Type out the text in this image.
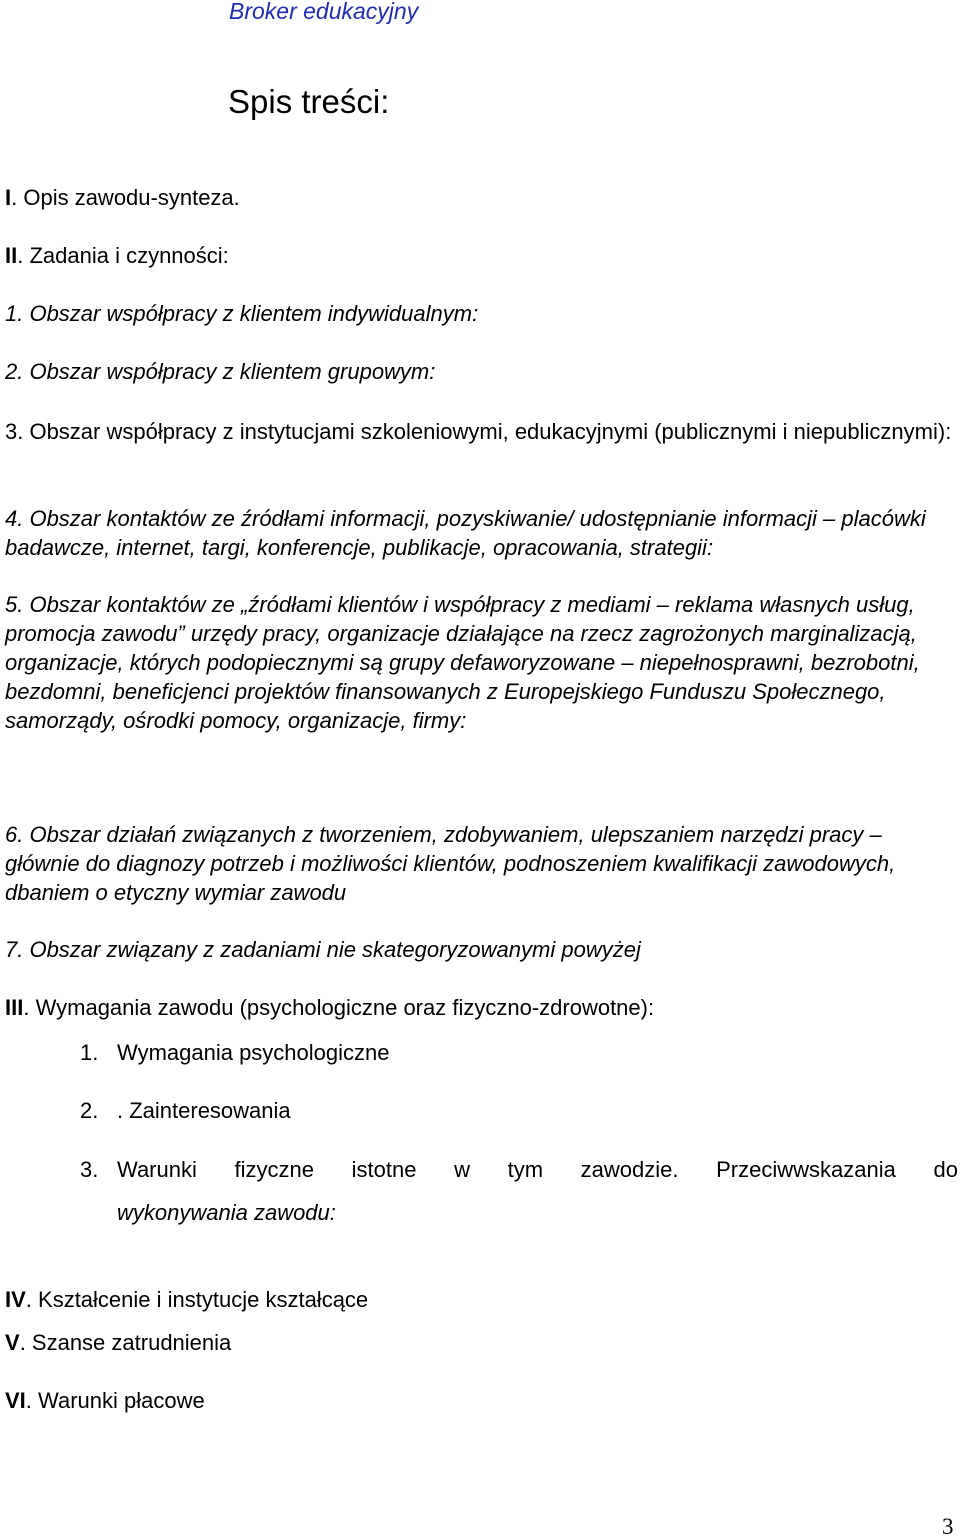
Broker edukacyjny
Spis treści:
I. Opis zawodu-synteza.
II. Zadania i czynności:
1. Obszar współpracy z klientem indywidualnym:
2. Obszar współpracy z klientem grupowym:
3. Obszar współpracy z instytucjami szkoleniowymi, edukacyjnymi (publicznymi i niepublicznymi):
4. Obszar kontaktów ze źródłami informacji, pozyskiwanie/ udostępnianie informacji – placówki badawcze, internet, targi, konferencje, publikacje, opracowania, strategii:
5. Obszar kontaktów ze „źródłami klientów i współpracy z mediami – reklama własnych usług, promocja zawodu” urzędy pracy, organizacje działające na rzecz zagrożonych marginalizacją, organizacje, których podopiecznymi są grupy defaworyzowane – niepełnosprawni, bezrobotni, bezdomni, beneficjenci projektów finansowanych z Europejskiego Funduszu Społecznego, samorządy, ośrodki pomocy, organizacje, firmy:
6. Obszar działań związanych z tworzeniem, zdobywaniem, ulepszaniem narzędzi pracy – głównie do diagnozy potrzeb i możliwości klientów, podnoszeniem kwalifikacji zawodowych, dbaniem o etyczny wymiar zawodu
7. Obszar związany z zadaniami nie skategoryzowanymi powyżej
III. Wymagania zawodu (psychologiczne oraz fizyczno-zdrowotne):
1. Wymagania psychologiczne
2. . Zainteresowania
3. Warunki fizyczne istotne w tym zawodzie. Przeciwwskazania do
wykonywania zawodu:
IV. Kształcenie i instytucje kształcące
V. Szanse zatrudnienia
VI. Warunki płacowe
3
